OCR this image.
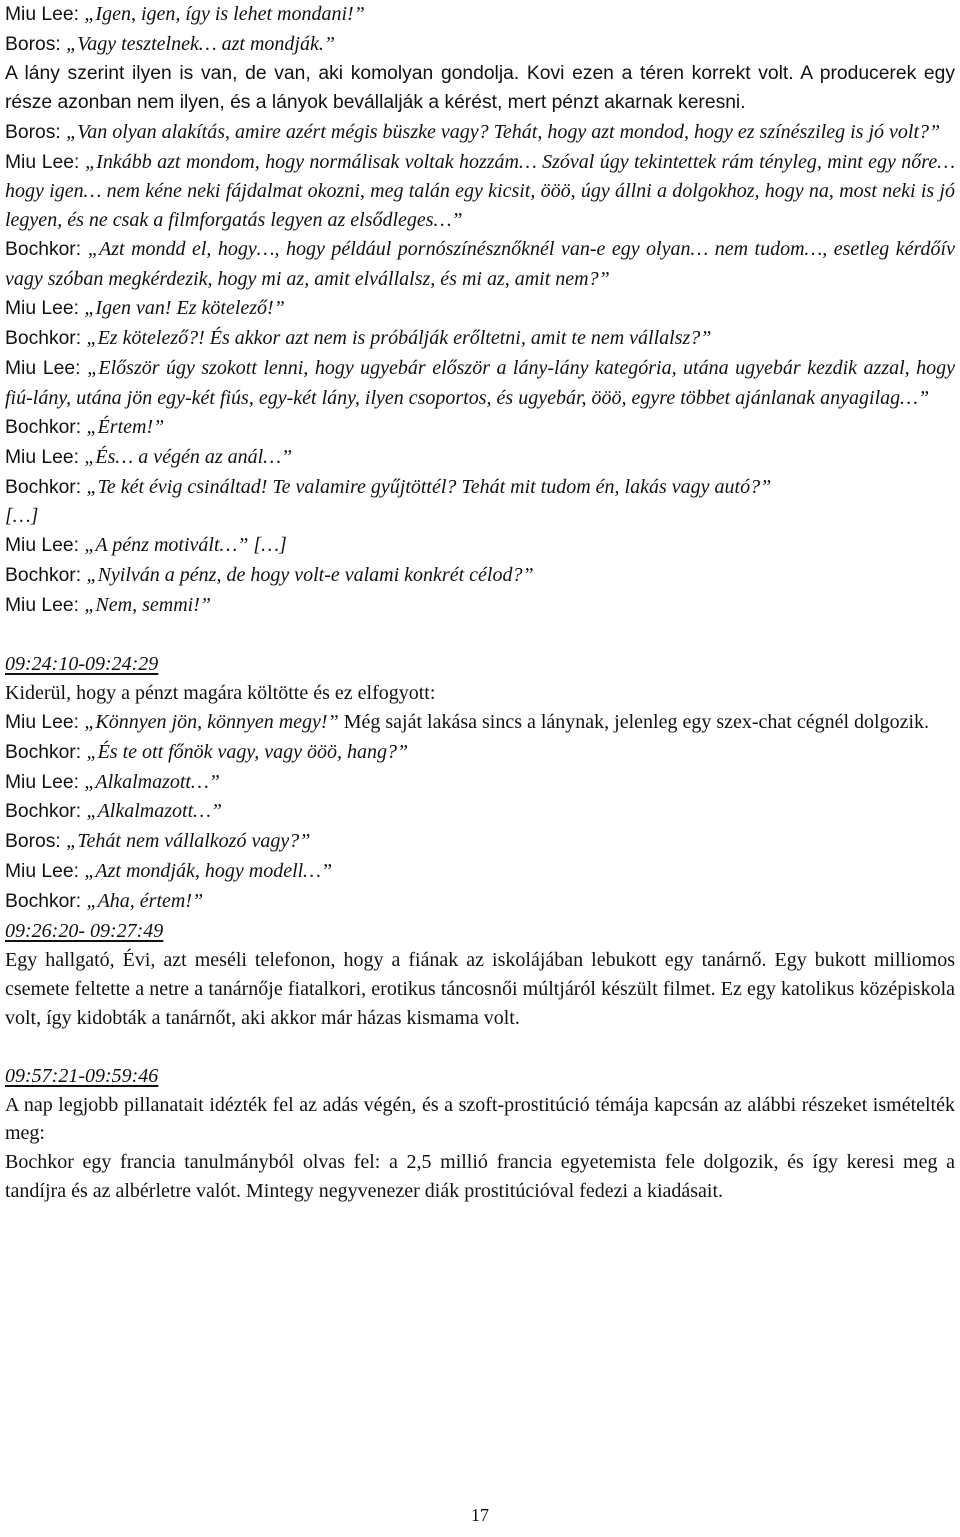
Miu Lee: „Igen, igen, így is lehet mondani!”

Boros: „Vagy tesztelnek… azt mondják.”

A lány szerint ilyen is van, de van, aki komolyan gondolja. Kovi ezen a téren korrekt volt. A producerek egy része azonban nem ilyen, és a lányok bevállalják a kérést, mert pénzt akarnak keresni.

Boros: „Van olyan alakítás, amire azért mégis büszke vagy? Tehát, hogy azt mondod, hogy ez színészileg is jó volt?”

Miu Lee: „Inkább azt mondom, hogy normálisak voltak hozzám… Szóval úgy tekintettek rám tényleg, mint egy nőre… hogy igen… nem kéne neki fájdalmat okozni, meg talán egy kicsit, ööö, úgy állni a dolgokhoz, hogy na, most neki is jó legyen, és ne csak a filmforgatás legyen az elsődleges…”

Bochkor: „Azt mondd el, hogy…, hogy például pornószínésznőknél van-e egy olyan… nem tudom…, esetleg kérdőív vagy szóban megkérdezik, hogy mi az, amit elvállalsz, és mi az, amit nem?”

Miu Lee: „Igen van! Ez kötelező!”

Bochkor: „Ez kötelező?! És akkor azt nem is próbálják erőltetni, amit te nem vállalsz?”

Miu Lee: „Először úgy szokott lenni, hogy ugyebár először a lány-lány kategória, utána ugyebár kezdik azzal, hogy fiú-lány, utána jön egy-két fiús, egy-két lány, ilyen csoportos, és ugyebár, ööö, egyre többet ajánlanak anyagilag…”

Bochkor: „Értem!”

Miu Lee: „És… a végén az anál…”

Bochkor: „Te két évig csináltad! Te valamire gyűjtöttél? Tehát mit tudom én, lakás vagy autó?”

[…]

Miu Lee: „A pénz motivált…” […]

Bochkor: „Nyilván a pénz, de hogy volt-e valami konkrét célod?”

Miu Lee: „Nem, semmi!”

09:24:10-09:24:29

Kiderül, hogy a pénzt magára költötte és ez elfogyott:

Miu Lee: „Könnyen jön, könnyen megy!” Még saját lakása sincs a lánynak, jelenleg egy szex-chat cégnél dolgozik.

Bochkor: „És te ott főnök vagy, vagy ööö, hang?”

Miu Lee: „Alkalmazott…”

Bochkor: „Alkalmazott…”

Boros: „Tehát nem vállalkozó vagy?”

Miu Lee: „Azt mondják, hogy modell…”

Bochkor: „Aha, értem!”

09:26:20- 09:27:49

Egy hallgató, Évi, azt meséli telefonon, hogy a fiának az iskolájában lebukott egy tanárnő. Egy bukott milliomos csemete feltette a netre a tanárnője fiatalkori, erotikus táncosnői múltjáról készült filmet. Ez egy katolikus középiskola volt, így kidobták a tanárnőt, aki akkor már házas kismama volt.

09:57:21-09:59:46

A nap legjobb pillanatait idézték fel az adás végén, és a szoft-prostitúció témája kapcsán az alábbi részeket ismételték meg:

Bochkor egy francia tanulmányból olvas fel: a 2,5 millió francia egyetemista fele dolgozik, és így keresi meg a tandíjra és az albérletre valót. Mintegy negyvenezer diák prostitúcióval fedezi a kiadásait.

17
